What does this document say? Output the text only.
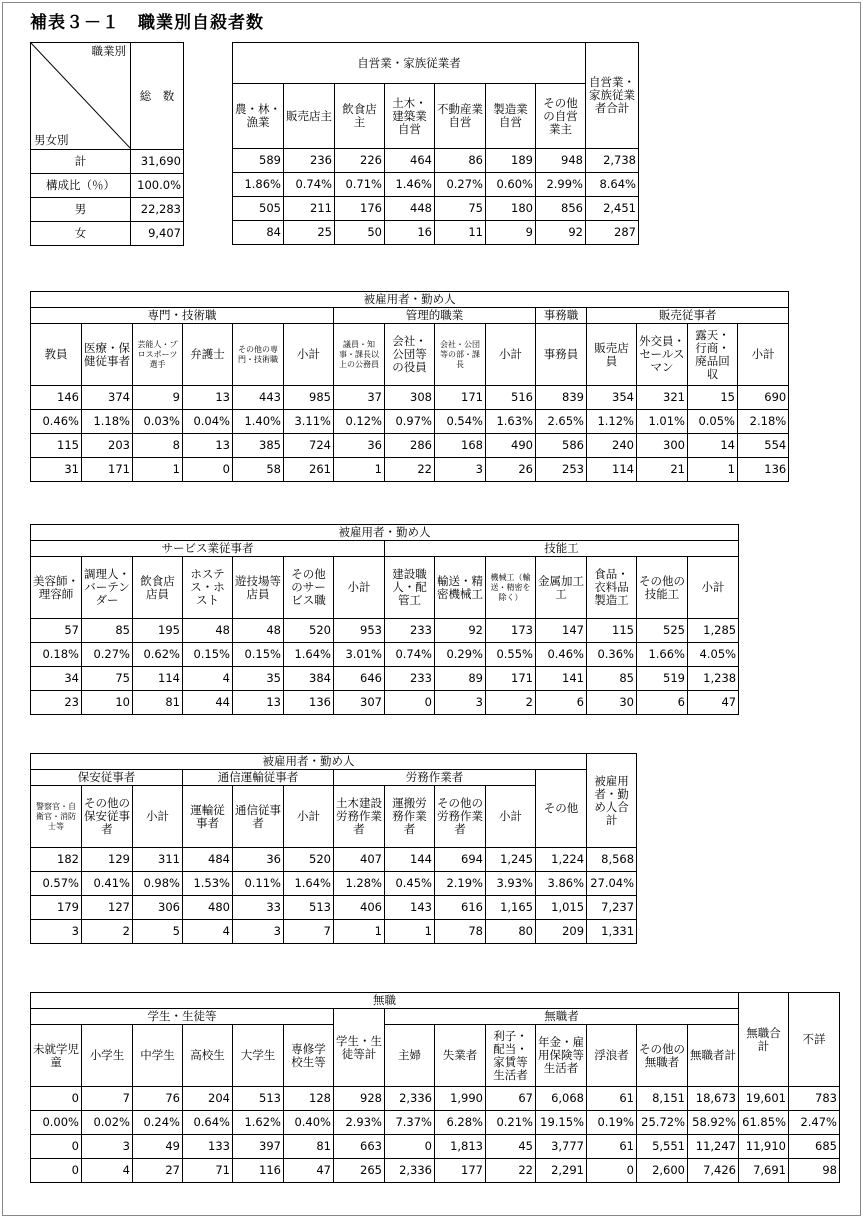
補表３－１　職業別自殺者数
職業別
男女別	総　数
計	31,690
構成比（％）	100.0%
男	22,283
女	9,407
自営業・家族従業者							自営業・家族従業者合計
農・林・漁業	販売店主	飲食店主	土木・建築業自営	不動産業自営	製造業自営	その他の自営業主	
589	236	226	464	86	189	948	2,738
1.86%	0.74%	0.71%	1.46%	0.27%	0.60%	2.99%	8.64%
505	211	176	448	75	180	856	2,451
84	25	50	16	11	9	92	287
被雇用者・勤め人														
専門・技術職						管理的職業				事務職	販売従事者			
教員	医療・保健従事者	芸能人・プロスポーツ選手	弁護士	その他の専門・技術職	小計	議員・知事・課長以上の公務員	会社・公団等の役員	会社・公団等の部・課長	小計	事務員	販売店員	外交員・セールスマン	露天・行商・廃品回収	小計
146	374	9	13	443	985	37	308	171	516	839	354	321	15	690
0.46%	1.18%	0.03%	0.04%	1.40%	3.11%	0.12%	0.97%	0.54%	1.63%	2.65%	1.12%	1.01%	0.05%	2.18%
115	203	8	13	385	724	36	286	168	490	586	240	300	14	554
31	171	1	0	58	261	1	22	3	26	253	114	21	1	136
被雇用者・勤め人													
サービス業従事者							技能工						
美容師・理容師	調理人・バーテンダー	飲食店店員	ホステス・ホスト	遊技場等店員	その他のサービス職	小計	建設職人・配管工	輸送・精密機械工	機械工（輸送・精密を除く）	金属加工工	食品・衣料品製造工	その他の技能工	小計
57	85	195	48	48	520	953	233	92	173	147	115	525	1,285
0.18%	0.27%	0.62%	0.15%	0.15%	1.64%	3.01%	0.74%	0.29%	0.55%	0.46%	0.36%	1.66%	4.05%
34	75	114	4	35	384	646	233	89	171	141	85	519	1,238
23	10	81	44	13	136	307	0	3	2	6	30	6	47
被雇用者・勤め人											被雇用者・勤め人合計
保安従事者			通信運輸従事者			労務作業者				その他	
警察官・自衛官・消防士等	その他の保安従事者	小計	運輸従事者	通信従事者	小計	土木建設労務作業者	運搬労務作業者	その他の労務作業者	小計		
182	129	311	484	36	520	407	144	694	1,245	1,224	8,568
0.57%	0.41%	0.98%	1.53%	0.11%	1.64%	1.28%	0.45%	2.19%	3.93%	3.86%	27.04%
179	127	306	480	33	513	406	143	616	1,165	1,015	7,237
3	2	5	4	3	7	1	1	78	80	209	1,331
無職														無職合計	不詳
学生・生徒等						学生・生徒等計	無職者								
未就学児童	小学生	中学生	高校生	大学生	専修学校生等		主婦	失業者	利子・配当・家賃等生活者	年金・雇用保険等生活者	浮浪者	その他の無職者	無職者計		
0	7	76	204	513	128	928	2,336	1,990	67	6,068	61	8,151	18,673	19,601	783
0.00%	0.02%	0.24%	0.64%	1.62%	0.40%	2.93%	7.37%	6.28%	0.21%	19.15%	0.19%	25.72%	58.92%	61.85%	2.47%
0	3	49	133	397	81	663	0	1,813	45	3,777	61	5,551	11,247	11,910	685
0	4	27	71	116	47	265	2,336	177	22	2,291	0	2,600	7,426	7,691	98
